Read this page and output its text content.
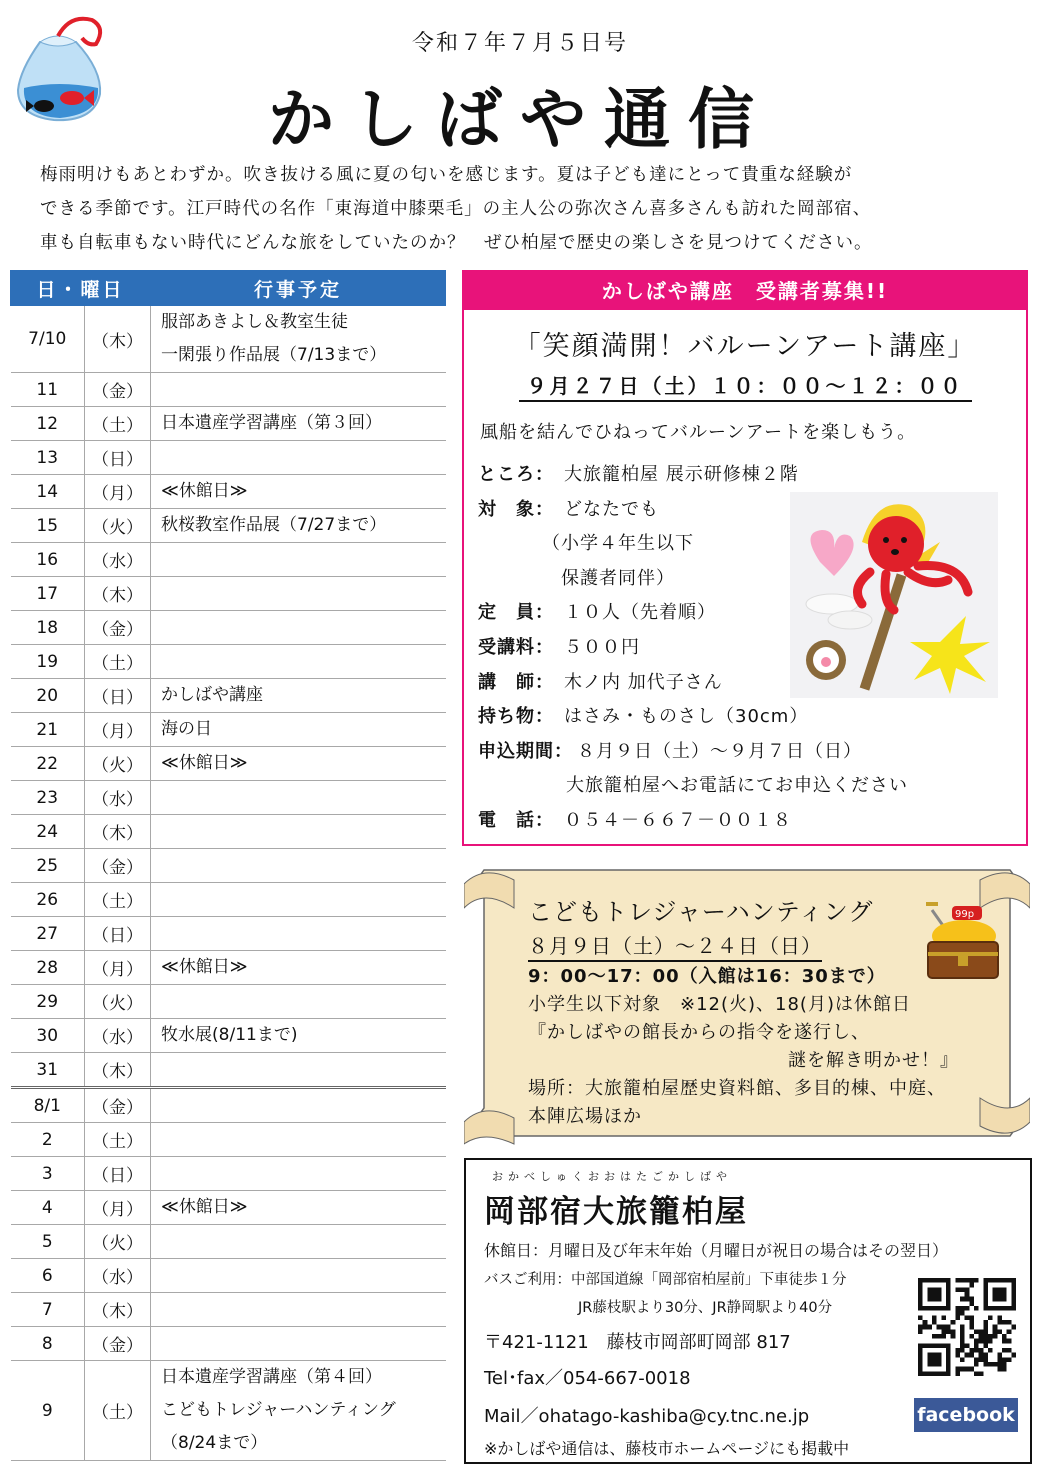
令和７年７月５日号
かしばや通信
梅雨明けもあとわずか。吹き抜ける風に夏の匂いを感じます。夏は子ども達にとって貴重な経験が
できる季節です。江戸時代の名作「東海道中膝栗毛」の主人公の弥次さん喜多さんも訪れた岡部宿、
車も自転車もない時代にどんな旅をしていたのか？　ぜひ柏屋で歴史の楽しさを見つけてください。
日・曜日		行事予定
7/10	（木）	服部あきよし＆教室生徒
一閑張り作品展（7/13まで）

11	（金）	
12	（土）	日本遺産学習講座（第３回）

13	（日）	
14	（月）	≪休館日≫

15	（火）	秋桜教室作品展（7/27まで）

16	（水）	
17	（木）	
18	（金）	
19	（土）	
20	（日）	かしばや講座

21	（月）	海の日

22	（火）	≪休館日≫

23	（水）	
24	（木）	
25	（金）	
26	（土）	
27	（日）	
28	（月）	≪休館日≫

29	（火）	
30	（水）	牧水展(8/11まで)

31	（木）	
8/1	（金）	
2	（土）	
3	（日）	
4	（月）	≪休館日≫

5	（火）	
6	（水）	
7	（木）	
8	（金）	
9	（土）	日本遺産学習講座（第４回）
こどもトレジャーハンティング
（8/24まで）
かしばや講座　受講者募集!!
「笑顔満開！バルーンアート講座」
９月２７日（土）１０：００～１２：００
風船を結んでひねってバルーンアートを楽しもう。
ところ： 大旅籠柏屋 展示研修棟２階
対　象： どなたでも
（小学４年生以下
　保護者同伴）
定　員： １０人（先着順）
受講料： ５００円
講　師： 木ノ内 加代子さん
持ち物： はさみ・ものさし（30cm）
申込期間： ８月９日（土）～９月７日（日）
大旅籠柏屋へお電話にてお申込ください
電　話： ０５４－６６７－００１８
こどもトレジャーハンティング
８月９日（土）～２４日（日）
9：00～17：00（入館は16：30まで）
小学生以下対象　※12(火)、18(月)は休館日
『かしばやの館長からの指令を遂行し、
謎を解き明かせ！』
場所：大旅籠柏屋歴史資料館、多目的棟、中庭、
本陣広場ほか
99p
おかべしゅくおおはたごかしばや
岡部宿大旅籠柏屋
休館日：月曜日及び年末年始（月曜日が祝日の場合はその翌日）
バスご利用：中部国道線「岡部宿柏屋前」下車徒歩１分
JR藤枝駅より30分、JR静岡駅より40分
〒421-1121　藤枝市岡部町岡部 817
Tel･fax／054-667-0018
Mail／ohatago-kashiba@cy.tnc.ne.jp
※かしばや通信は、藤枝市ホームページにも掲載中
facebook
